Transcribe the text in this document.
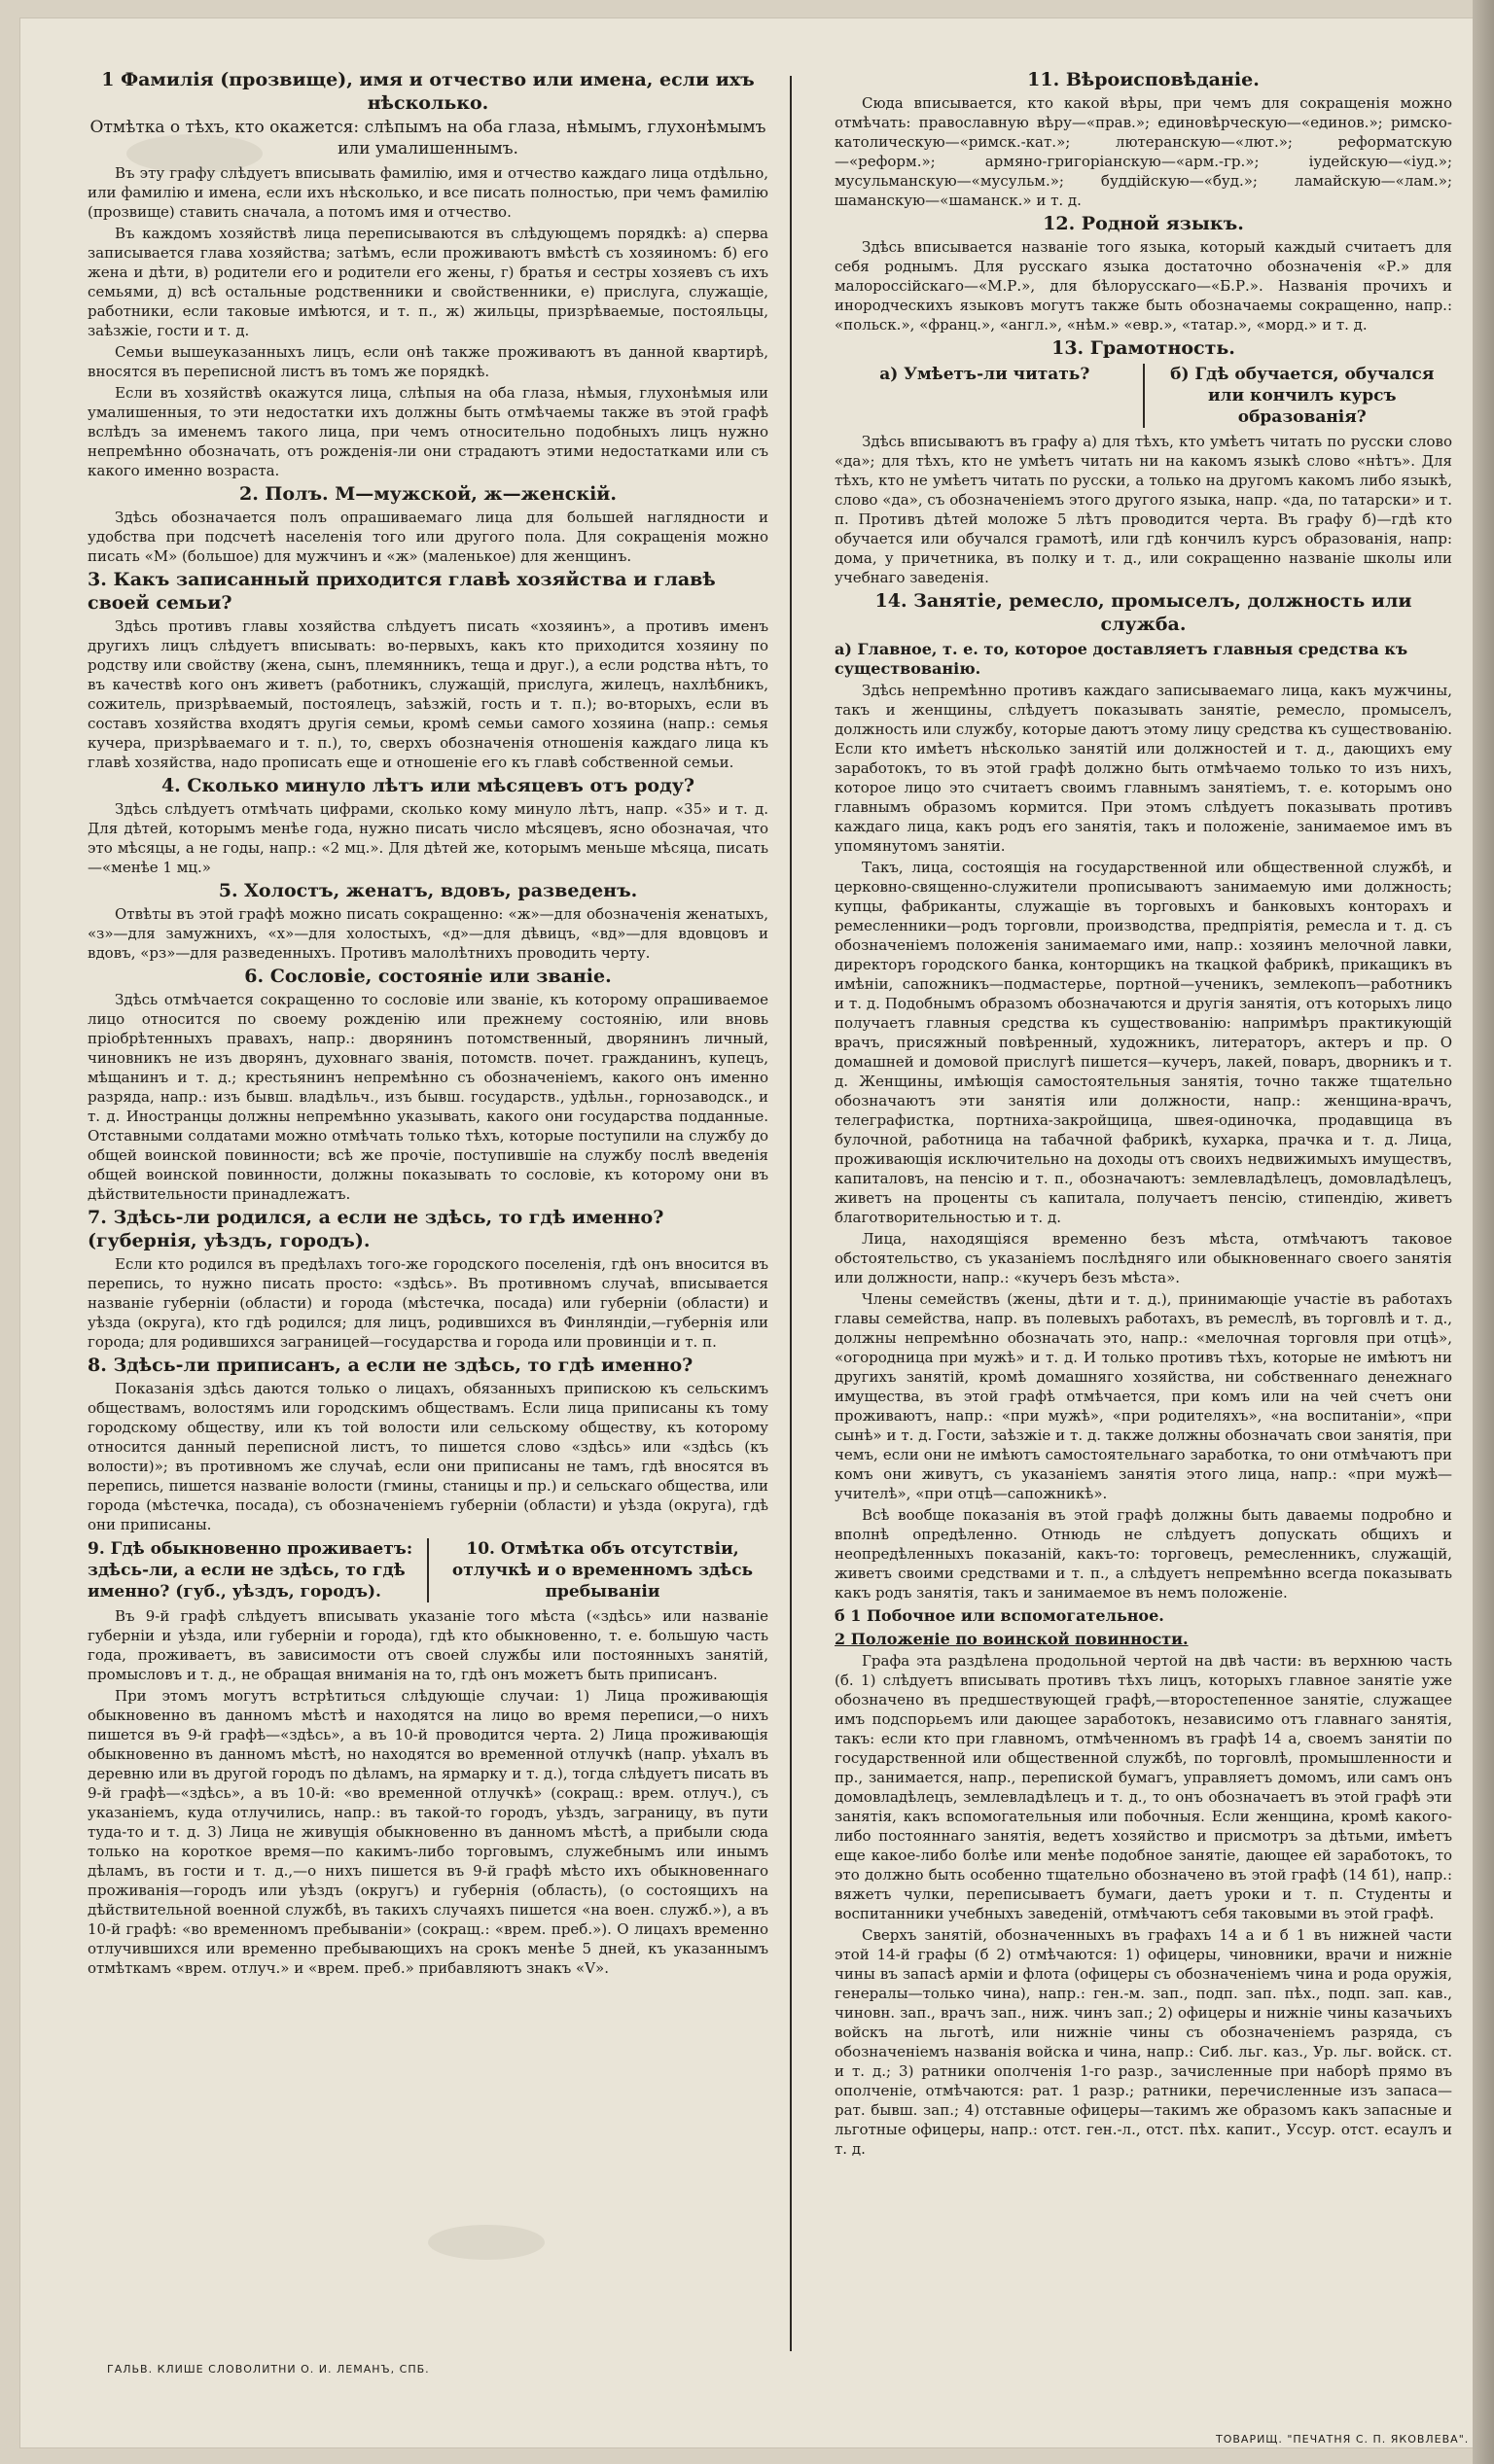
1 Фамилія (прозвище), имя и отчество или имена, если ихъ нѣсколько.
Отмѣтка о тѣхъ, кто окажется: слѣпымъ на оба глаза, нѣмымъ, глухонѣмымъ или умалишеннымъ.
Въ эту графу слѣдуетъ вписывать фамилію, имя и отчество каждаго лица отдѣльно, или фамилію и имена, если ихъ нѣсколько, и все писать полностью, при чемъ фамилію (прозвище) ставить сначала, а потомъ имя и отчество.
Въ каждомъ хозяйствѣ лица переписываются въ слѣдующемъ порядкѣ: а) сперва записывается глава хозяйства; затѣмъ, если проживаютъ вмѣстѣ съ хозяиномъ: б) его жена и дѣти, в) родители его и родители его жены, г) братья и сестры хозяевъ съ ихъ семьями, д) всѣ остальные родственники и свойственники, е) прислуга, служащіе, работники, если таковые имѣются, и т. п., ж) жильцы, призрѣваемые, постояльцы, заѣзжіе, гости и т. д.
Семьи вышеуказанныхъ лицъ, если онѣ также проживаютъ въ данной квартирѣ, вносятся въ переписной листъ въ томъ же порядкѣ.
Если въ хозяйствѣ окажутся лица, слѣпыя на оба глаза, нѣмыя, глухонѣмыя или умалишенныя, то эти недостатки ихъ должны быть отмѣчаемы также въ этой графѣ вслѣдъ за именемъ такого лица, при чемъ относительно подобныхъ лицъ нужно непремѣнно обозначать, отъ рожденія-ли они страдаютъ этими недостатками или съ какого именно возраста.
2. Полъ. М—мужской, ж—женскій.
Здѣсь обозначается полъ опрашиваемаго лица для большей наглядности и удобства при подсчетѣ населенія того или другого пола. Для сокращенія можно писать «М» (большое) для мужчинъ и «ж» (маленькое) для женщинъ.
3. Какъ записанный приходится главѣ хозяйства и главѣ своей семьи?
Здѣсь противъ главы хозяйства слѣдуетъ писать «хозяинъ», а противъ именъ другихъ лицъ слѣдуетъ вписывать: во-первыхъ, какъ кто приходится хозяину по родству или свойству (жена, сынъ, племянникъ, теща и друг.), а если родства нѣтъ, то въ качествѣ кого онъ живетъ (работникъ, служащій, прислуга, жилецъ, нахлѣбникъ, сожитель, призрѣваемый, постоялецъ, заѣзжій, гость и т. п.); во-вторыхъ, если въ составъ хозяйства входятъ другія семьи, кромѣ семьи самого хозяина (напр.: семья кучера, призрѣваемаго и т. п.), то, сверхъ обозначенія отношенія каждаго лица къ главѣ хозяйства, надо прописать еще и отношеніе его къ главѣ собственной семьи.
4. Сколько минуло лѣтъ или мѣсяцевъ отъ роду?
Здѣсь слѣдуетъ отмѣчать цифрами, сколько кому минуло лѣтъ, напр. «35» и т. д. Для дѣтей, которымъ менѣе года, нужно писать число мѣсяцевъ, ясно обозначая, что это мѣсяцы, а не годы, напр.: «2 мц.». Для дѣтей же, которымъ меньше мѣсяца, писать—«менѣе 1 мц.»
5. Холостъ, женатъ, вдовъ, разведенъ.
Отвѣты въ этой графѣ можно писать сокращенно: «ж»—для обозначенія женатыхъ, «з»—для замужнихъ, «х»—для холостыхъ, «д»—для дѣвицъ, «вд»—для вдовцовъ и вдовъ, «рз»—для разведенныхъ. Противъ малолѣтнихъ проводить черту.
6. Сословіе, состояніе или званіе.
Здѣсь отмѣчается сокращенно то сословіе или званіе, къ которому опрашиваемое лицо относится по своему рожденію или прежнему состоянію, или вновь пріобрѣтенныхъ правахъ, напр.: дворянинъ потомственный, дворянинъ личный, чиновникъ не изъ дворянъ, духовнаго званія, потомств. почет. гражданинъ, купецъ, мѣщанинъ и т. д.; крестьянинъ непремѣнно съ обозначеніемъ, какого онъ именно разряда, напр.: изъ бывш. владѣльч., изъ бывш. государств., удѣльн., горнозаводск., и т. д. Иностранцы должны непремѣнно указывать, какого они государства подданные. Отставными солдатами можно отмѣчать только тѣхъ, которые поступили на службу до общей воинской повинности; всѣ же прочіе, поступившіе на службу послѣ введенія общей воинской повинности, должны показывать то сословіе, къ которому они въ дѣйствительности принадлежатъ.
7. Здѣсь-ли родился, а если не здѣсь, то гдѣ именно? (губернія, уѣздъ, городъ).
Если кто родился въ предѣлахъ того-же городского поселенія, гдѣ онъ вносится въ перепись, то нужно писать просто: «здѣсь». Въ противномъ случаѣ, вписывается названіе губерніи (области) и города (мѣстечка, посада) или губерніи (области) и уѣзда (округа), кто гдѣ родился; для лицъ, родившихся въ Финляндіи,—губернія или города; для родившихся заграницей—государства и города или провинціи и т. п.
8. Здѣсь-ли приписанъ, а если не здѣсь, то гдѣ именно?
Показанія здѣсь даются только о лицахъ, обязанныхъ припискою къ сельскимъ обществамъ, волостямъ или городскимъ обществамъ. Если лица приписаны къ тому городскому обществу, или къ той волости или сельскому обществу, къ которому относится данный переписной листъ, то пишется слово «здѣсь» или «здѣсь (къ волости)»; въ противномъ же случаѣ, если они приписаны не тамъ, гдѣ вносятся въ перепись, пишется названіе волости (гмины, станицы и пр.) и сельскаго общества, или города (мѣстечка, посада), съ обозначеніемъ губерніи (области) и уѣзда (округа), гдѣ они приписаны.
9. Гдѣ обыкновенно проживаетъ: здѣсь-ли, а если не здѣсь, то гдѣ именно? (губ., уѣздъ, городъ).
10. Отмѣтка объ отсутствіи, отлучкѣ и о временномъ здѣсь пребываніи
Въ 9-й графѣ слѣдуетъ вписывать указаніе того мѣста («здѣсь» или названіе губерніи и уѣзда, или губерніи и города), гдѣ кто обыкновенно, т. е. большую часть года, проживаетъ, въ зависимости отъ своей службы или постоянныхъ занятій, промысловъ и т. д., не обращая вниманія на то, гдѣ онъ можетъ быть приписанъ.
При этомъ могутъ встрѣтиться слѣдующіе случаи: 1) Лица проживающія обыкновенно въ данномъ мѣстѣ и находятся на лицо во время переписи,—о нихъ пишется въ 9-й графѣ—«здѣсь», а въ 10-й проводится черта. 2) Лица проживающія обыкновенно въ данномъ мѣстѣ, но находятся во временной отлучкѣ (напр. уѣхалъ въ деревню или въ другой городъ по дѣламъ, на ярмарку и т. д.), тогда слѣдуетъ писать въ 9-й графѣ—«здѣсь», а въ 10-й: «во временной отлучкѣ» (сокращ.: врем. отлуч.), съ указаніемъ, куда отлучились, напр.: въ такой-то городъ, уѣздъ, заграницу, въ пути туда-то и т. д. 3) Лица не живущія обыкновенно въ данномъ мѣстѣ, а прибыли сюда только на короткое время—по какимъ-либо торговымъ, служебнымъ или инымъ дѣламъ, въ гости и т. д.,—о нихъ пишется въ 9-й графѣ мѣсто ихъ обыкновеннаго проживанія—городъ или уѣздъ (округъ) и губернія (область), (о состоящихъ на дѣйствительной военной службѣ, въ такихъ случаяхъ пишется «на воен. служб.»), а въ 10-й графѣ: «во временномъ пребываніи» (сокращ.: «врем. преб.»). О лицахъ временно отлучившихся или временно пребывающихъ на срокъ менѣе 5 дней, къ указаннымъ отмѣткамъ «врем. отлуч.» и «врем. преб.» прибавляютъ знакъ «V».
11. Вѣроисповѣданіе.
Сюда вписывается, кто какой вѣры, при чемъ для сокращенія можно отмѣчать: православную вѣру—«прав.»; единовѣрческую—«единов.»; римско-католическую—«римск.-кат.»; лютеранскую—«лют.»; реформатскую—«реформ.»; армяно-григоріанскую—«арм.-гр.»; іудейскую—«іуд.»; мусульманскую—«мусульм.»; буддійскую—«буд.»; ламайскую—«лам.»; шаманскую—«шаманск.» и т. д.
12. Родной языкъ.
Здѣсь вписывается названіе того языка, который каждый считаетъ для себя роднымъ. Для русскаго языка достаточно обозначенія «Р.» для малороссійскаго—«М.Р.», для бѣлорусскаго—«Б.Р.». Названія прочихъ и инородческихъ языковъ могутъ также быть обозначаемы сокращенно, напр.: «польск.», «франц.», «англ.», «нѣм.» «евр.», «татар.», «морд.» и т. д.
13. Грамотность.
а) Умѣетъ-ли читать?	б) Гдѣ обучается, обучался или кончилъ курсъ образованія?
Здѣсь вписываютъ въ графу а) для тѣхъ, кто умѣетъ читать по русски слово «да»; для тѣхъ, кто не умѣетъ читать ни на какомъ языкѣ слово «нѣтъ». Для тѣхъ, кто не умѣетъ читать по русски, а только на другомъ какомъ либо языкѣ, слово «да», съ обозначеніемъ этого другого языка, напр. «да, по татарски» и т. п. Противъ дѣтей моложе 5 лѣтъ проводится черта. Въ графу б)—гдѣ кто обучается или обучался грамотѣ, или гдѣ кончилъ курсъ образованія, напр: дома, у причетника, въ полку и т. д., или сокращенно названіе школы или учебнаго заведенія.
14. Занятіе, ремесло, промыселъ, должность или служба.
а) Главное, т. е. то, которое доставляетъ главныя средства къ существованію.
Здѣсь непремѣнно противъ каждаго записываемаго лица, какъ мужчины, такъ и женщины, слѣдуетъ показывать занятіе, ремесло, промыселъ, должность или службу, которые даютъ этому лицу средства къ существованію. Если кто имѣетъ нѣсколько занятій или должностей и т. д., дающихъ ему заработокъ, то въ этой графѣ должно быть отмѣчаемо только то изъ нихъ, которое лицо это считаетъ своимъ главнымъ занятіемъ, т. е. которымъ оно главнымъ образомъ кормится. При этомъ слѣдуетъ показывать противъ каждаго лица, какъ родъ его занятія, такъ и положеніе, занимаемое имъ въ упомянутомъ занятіи.
Такъ, лица, состоящія на государственной или общественной службѣ, и церковно-священно-служители прописываютъ занимаемую ими должность; купцы, фабриканты, служащіе въ торговыхъ и банковыхъ конторахъ и ремесленники—родъ торговли, производства, предпріятія, ремесла и т. д. съ обозначеніемъ положенія занимаемаго ими, напр.: хозяинъ мелочной лавки, директоръ городского банка, конторщикъ на ткацкой фабрикѣ, прикащикъ въ имѣніи, сапожникъ—подмастерье, портной—ученикъ, землекопъ—работникъ и т. д. Подобнымъ образомъ обозначаются и другія занятія, отъ которыхъ лицо получаетъ главныя средства къ существованію: напримѣръ практикующій врачъ, присяжный повѣренный, художникъ, литераторъ, актеръ и пр. О домашней и домовой прислугѣ пишется—кучеръ, лакей, поваръ, дворникъ и т. д. Женщины, имѣющія самостоятельныя занятія, точно также тщательно обозначаютъ эти занятія или должности, напр.: женщина-врачъ, телеграфистка, портниха-закройщица, швея-одиночка, продавщица въ булочной, работница на табачной фабрикѣ, кухарка, прачка и т. д. Лица, проживающія исключительно на доходы отъ своихъ недвижимыхъ имуществъ, капиталовъ, на пенсію и т. п., обозначаютъ: землевладѣлецъ, домовладѣлецъ, живетъ на проценты съ капитала, получаетъ пенсію, стипендію, живетъ благотворительностью и т. д.
Лица, находящіяся временно безъ мѣста, отмѣчаютъ таковое обстоятельство, съ указаніемъ послѣдняго или обыкновеннаго своего занятія или должности, напр.: «кучеръ безъ мѣста».
Члены семействъ (жены, дѣти и т. д.), принимающіе участіе въ работахъ главы семейства, напр. въ полевыхъ работахъ, въ ремеслѣ, въ торговлѣ и т. д., должны непремѣнно обозначать это, напр.: «мелочная торговля при отцѣ», «огородница при мужѣ» и т. д. И только противъ тѣхъ, которые не имѣютъ ни другихъ занятій, кромѣ домашняго хозяйства, ни собственнаго денежнаго имущества, въ этой графѣ отмѣчается, при комъ или на чей счетъ они проживаютъ, напр.: «при мужѣ», «при родителяхъ», «на воспитаніи», «при сынѣ» и т. д. Гости, заѣзжіе и т. д. также должны обозначать свои занятія, при чемъ, если они не имѣютъ самостоятельнаго заработка, то они отмѣчаютъ при комъ они живутъ, съ указаніемъ занятія этого лица, напр.: «при мужѣ—учителѣ», «при отцѣ—сапожникѣ».
Всѣ вообще показанія въ этой графѣ должны быть даваемы подробно и вполнѣ опредѣленно. Отнюдь не слѣдуетъ допускать общихъ и неопредѣленныхъ показаній, какъ-то: торговецъ, ремесленникъ, служащій, живетъ своими средствами и т. п., а слѣдуетъ непремѣнно всегда показывать какъ родъ занятія, такъ и занимаемое въ немъ положеніе.
б 1 Побочное или вспомогательное.
2 Положеніе по воинской повинности.
Графа эта раздѣлена продольной чертой на двѣ части: въ верхнюю часть (б. 1) слѣдуетъ вписывать противъ тѣхъ лицъ, которыхъ главное занятіе уже обозначено въ предшествующей графѣ,—второстепенное занятіе, служащее имъ подспорьемъ или дающее заработокъ, независимо отъ главнаго занятія, такъ: если кто при главномъ, отмѣченномъ въ графѣ 14 а, своемъ занятіи по государственной или общественной службѣ, по торговлѣ, промышленности и пр., занимается, напр., перепиской бумагъ, управляетъ домомъ, или самъ онъ домовладѣлецъ, землевладѣлецъ и т. д., то онъ обозначаетъ въ этой графѣ эти занятія, какъ вспомогательныя или побочныя. Если женщина, кромѣ какого-либо постояннаго занятія, ведетъ хозяйство и присмотръ за дѣтьми, имѣетъ еще какое-либо болѣе или менѣе подобное занятіе, дающее ей заработокъ, то это должно быть особенно тщательно обозначено въ этой графѣ (14 б1), напр.: вяжетъ чулки, переписываетъ бумаги, даетъ уроки и т. п. Студенты и воспитанники учебныхъ заведеній, отмѣчаютъ себя таковыми въ этой графѣ.
Сверхъ занятій, обозначенныхъ въ графахъ 14 а и б 1 въ нижней части этой 14-й графы (б 2) отмѣчаются: 1) офицеры, чиновники, врачи и нижніе чины въ запасѣ арміи и флота (офицеры съ обозначеніемъ чина и рода оружія, генералы—только чина), напр.: ген.-м. зап., подп. зап. пѣх., подп. зап. кав., чиновн. зап., врачъ зап., ниж. чинъ зап.; 2) офицеры и нижніе чины казачьихъ войскъ на льготѣ, или нижніе чины съ обозначеніемъ разряда, съ обозначеніемъ названія войска и чина, напр.: Сиб. льг. каз., Ур. льг. войск. ст. и т. д.; 3) ратники ополченія 1-го разр., зачисленные при наборѣ прямо въ ополченіе, отмѣчаются: рат. 1 разр.; ратники, перечисленные изъ запаса—рат. бывш. зап.; 4) отставные офицеры—такимъ же образомъ какъ запасные и льготные офицеры, напр.: отст. ген.-л., отст. пѣх. капит., Уссур. отст. есаулъ и т. д.
ГАЛЬВ. КЛИШЕ СЛОВОЛИТНИ О. И. ЛЕМАНЪ, СПБ.
ТОВАРИЩ. "ПЕЧАТНЯ С. П. ЯКОВЛЕВА".
